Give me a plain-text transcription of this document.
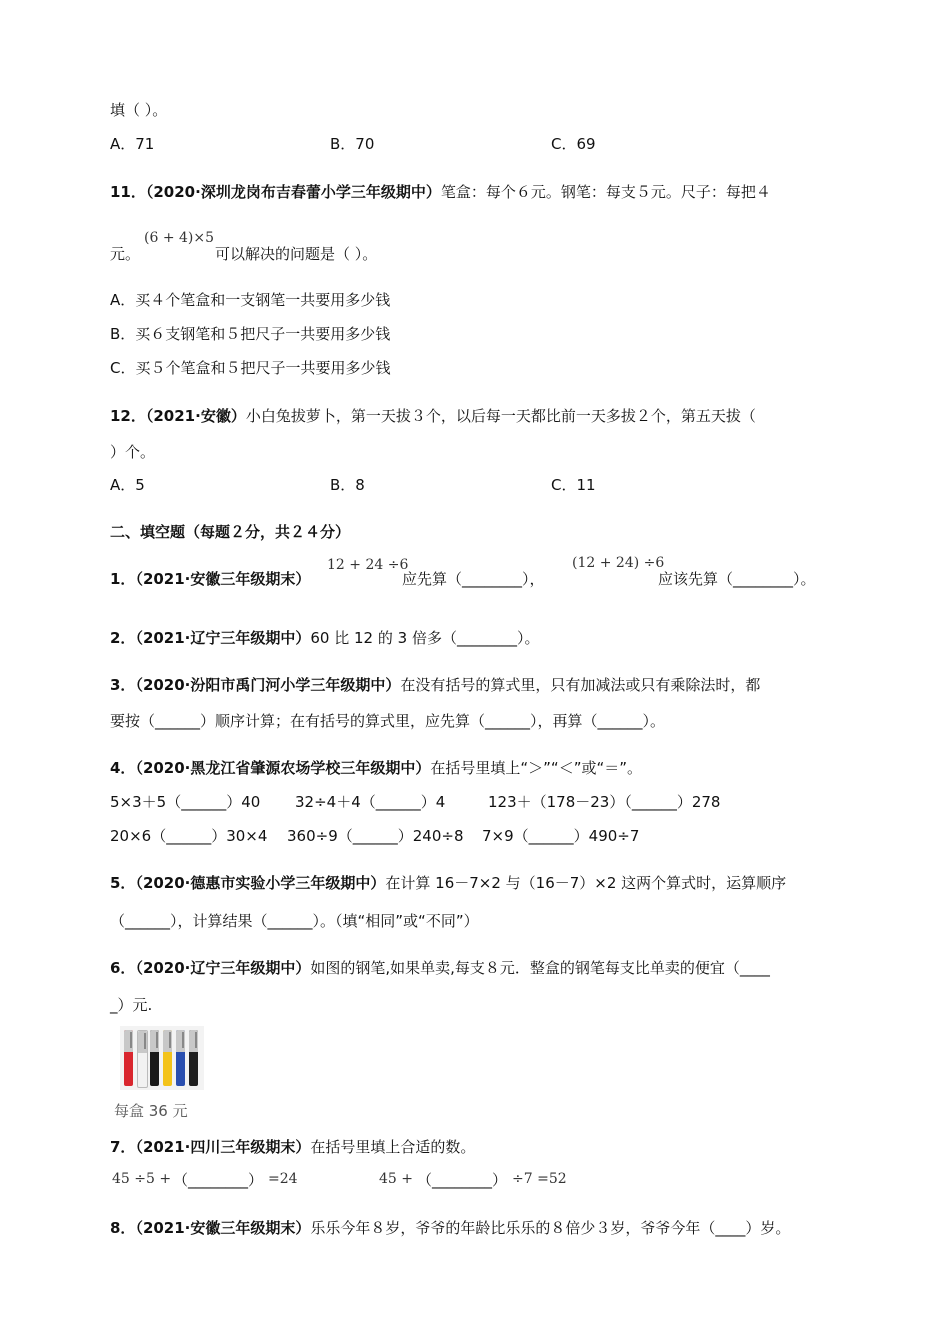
填（ ）。
A．71	B．70	C．69
11．（2020·深圳龙岗布吉春蕾小学三年级期中）笔盒：每个６元。钢笔：每支５元。尺子：每把４
元。
(6 + 4)×5
可以解决的问题是（ ）。
A．买４个笔盒和一支钢笔一共要用多少钱
B．买６支钢笔和５把尺子一共要用多少钱
C．买５个笔盒和５把尺子一共要用多少钱
12．（2021·安徽）小白兔拔萝卜，第一天拔３个，以后每一天都比前一天多拔２个，第五天拔（
）个。
A．5	B．8	C．11
二、填空题（每题２分，共２４分）
1．（2021·安徽三年级期末）
12 + 24 ÷6
应先算（________），
(12 + 24) ÷6
应该先算（________）。
2．（2021·辽宁三年级期中）60 比 12 的 3 倍多（________）。
3．（2020·汾阳市禹门河小学三年级期中）在没有括号的算式里，只有加减法或只有乘除法时，都
要按（______）顺序计算；在有括号的算式里，应先算（______），再算（______）。
4．（2020·黑龙江省肇源农场学校三年级期中）在括号里填上“＞”“＜”或“＝”。
5×3＋5（______）40 32÷4＋4（______）4	123＋（178－23）（______）278
20×6（______）30×4 360÷9（______）240÷8 7×9（______）490÷7
5．（2020·德惠市实验小学三年级期中）在计算 16－7×2 与（16－7）×2 这两个算式时，运算顺序
（______），计算结果（______）。（填“相同”或“不同”）
6．（2020·辽宁三年级期中）如图的钢笔,如果单卖,每支８元．整盒的钢笔每支比单卖的便宜（____
_）元.
每盒 36 元
7．（2021·四川三年级期末）在括号里填上合适的数。
45 ÷5 + （________） =24	45 + （________） ÷7 =52
8．（2021·安徽三年级期末）乐乐今年８岁，爷爷的年龄比乐乐的８倍少３岁，爷爷今年（____）岁。
